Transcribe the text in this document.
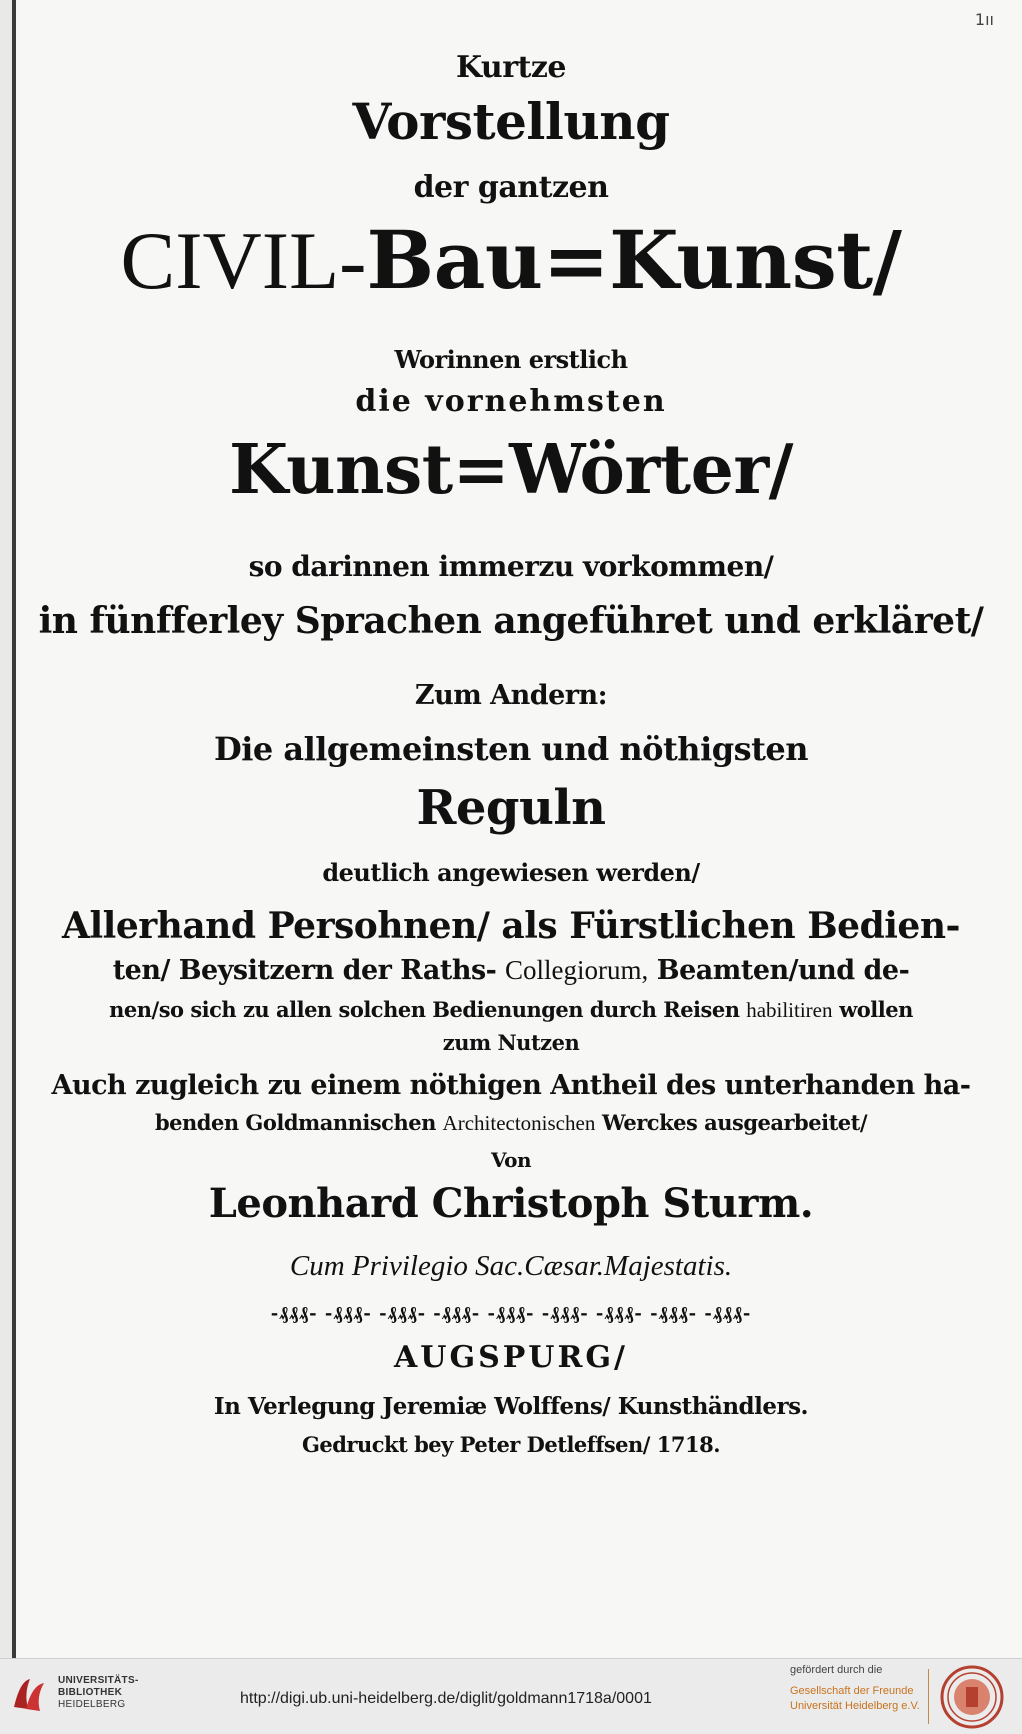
1ıı
Kurtze
Vorstellung
der gantzen
CIVIL-Bau=Kunst/
Worinnen erstlich
die vornehmsten
Kunst=Wörter/
so darinnen immerzu vorkommen/
in fünfferley Sprachen angeführet und erkläret/
Zum Andern:
Die allgemeinsten und nöthigsten
Reguln
deutlich angewiesen werden/
Allerhand Persohnen/ als Fürstlichen Bedien-
ten/ Beysitzern der Raths- Collegiorum, Beamten/und de-
nen/so sich zu allen solchen Bedienungen durch Reisen habilitiren wollen
zum Nutzen
Auch zugleich zu einem nöthigen Antheil des unterhanden ha-
benden Goldmannischen Architectonischen Werckes ausgearbeitet/
Von
Leonhard Christoph Sturm.
Cum Privilegio Sac.Cæsar.Majestatis.
-₰₰₰- -₰₰₰- -₰₰₰- -₰₰₰- -₰₰₰- -₰₰₰- -₰₰₰- -₰₰₰- -₰₰₰-
AUGSPURG/
In Verlegung Jeremiæ Wolffens/ Kunsthändlers.
Gedruckt bey Peter Detleffsen/ 1718.
UNIVERSITÄTS-
BIBLIOTHEK
HEIDELBERG	http://digi.ub.uni-heidelberg.de/diglit/goldmann1718a/0001
gefördert durch die
Gesellschaft der Freunde
Universität Heidelberg e.V.
